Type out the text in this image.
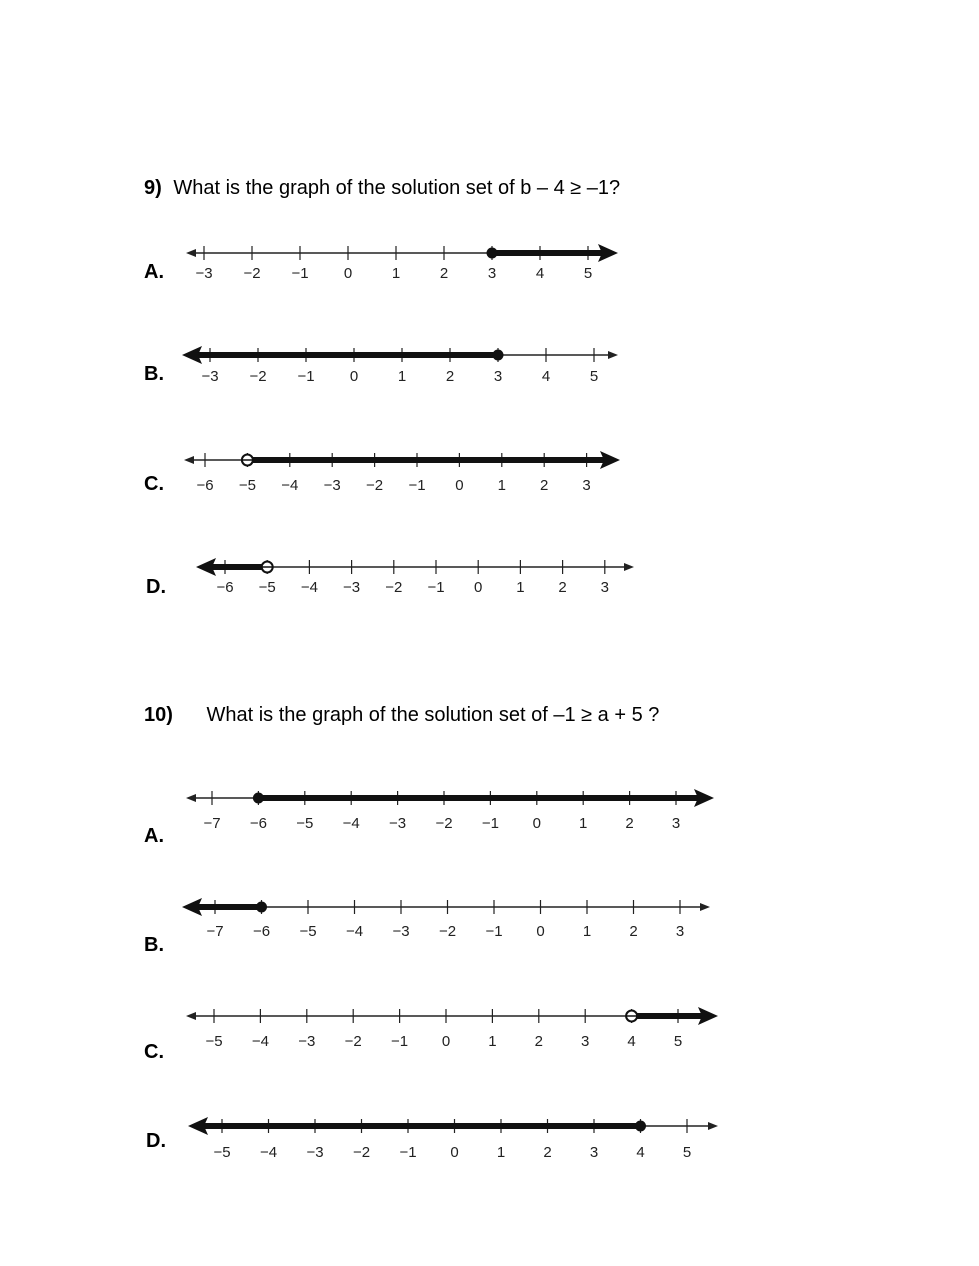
9) What is the graph of the solution set of b – 4 ≥ –1?
A. −3 −2 −1 0	1	2	3	4	5
B. −3 −2 −1 0	1	2	3	4	5
C. −6 −5 −4 −3 −2 −1 0 1 2 3
D.	−6 −5 −4 −3 −2 −1 0 1 2 3
10) What is the graph of the solution set of –1 ≥ a + 5 ?
A.
−7 −6 −5 −4 −3 −2 −1 0	1	2	3
B.
−7 −6 −5 −4 −3 −2 −1 0	1	2	3
C.	−5 −4 −3 −2 −1 0	1	2	3	4	5
D.
−5 −4 −3 −2 −1 0	1	2	3	4	5
